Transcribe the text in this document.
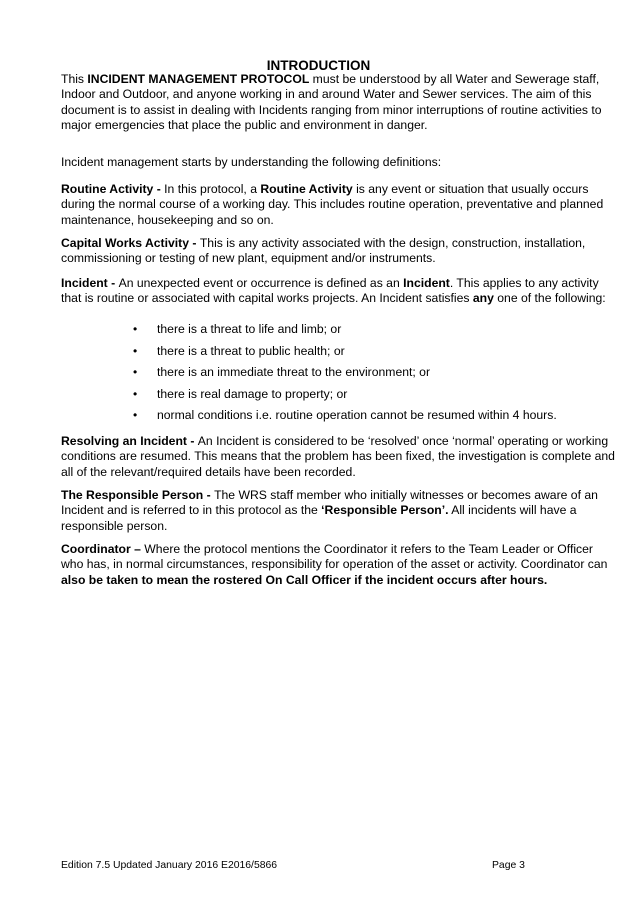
INTRODUCTION

This INCIDENT MANAGEMENT PROTOCOL must be understood by all Water and Sewerage staff, Indoor and Outdoor, and anyone working in and around Water and Sewer services. The aim of this document is to assist in dealing with Incidents ranging from minor interruptions of routine activities to major emergencies that place the public and environment in danger.

Incident management starts by understanding the following definitions:

Routine Activity - In this protocol, a Routine Activity is any event or situation that usually occurs during the normal course of a working day. This includes routine operation, preventative and planned maintenance, housekeeping and so on.

Capital Works Activity - This is any activity associated with the design, construction, installation, commissioning or testing of new plant, equipment and/or instruments.

Incident - An unexpected event or occurrence is defined as an Incident. This applies to any activity that is routine or associated with capital works projects. An Incident satisfies any one of the following:

• there is a threat to life and limb; or
• there is a threat to public health; or
• there is an immediate threat to the environment; or
• there is real damage to property; or
• normal conditions i.e. routine operation cannot be resumed within 4 hours.

Resolving an Incident - An Incident is considered to be ‘resolved’ once ‘normal’ operating or working conditions are resumed. This means that the problem has been fixed, the investigation is complete and all of the relevant/required details have been recorded.

The Responsible Person - The WRS staff member who initially witnesses or becomes aware of an Incident and is referred to in this protocol as the ‘Responsible Person’. All incidents will have a responsible person.

Coordinator – Where the protocol mentions the Coordinator it refers to the Team Leader or Officer who has, in normal circumstances, responsibility for operation of the asset or activity. Coordinator can also be taken to mean the rostered On Call Officer if the incident occurs after hours.

Edition 7.5 Updated January 2016 E2016/5866	Page 3
